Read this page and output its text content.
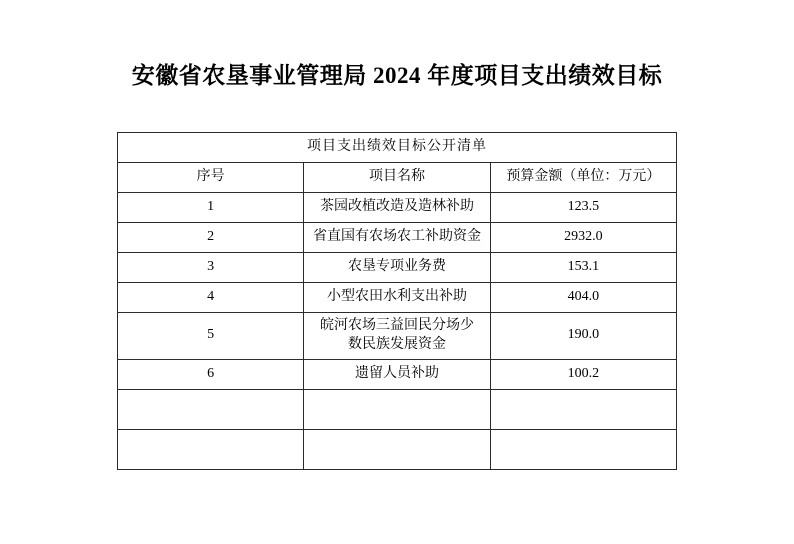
安徽省农垦事业管理局 2024 年度项目支出绩效目标
项目支出绩效目标公开清单		
序号	项目名称	预算金额（单位：万元）
1	茶园改植改造及造林补助	123.5
2	省直国有农场农工补助资金	2932.0
3	农垦专项业务费	153.1
4	小型农田水利支出补助	404.0
5	皖河农场三益回民分场少数民族发展资金	190.0
6	遗留人员补助	100.2
